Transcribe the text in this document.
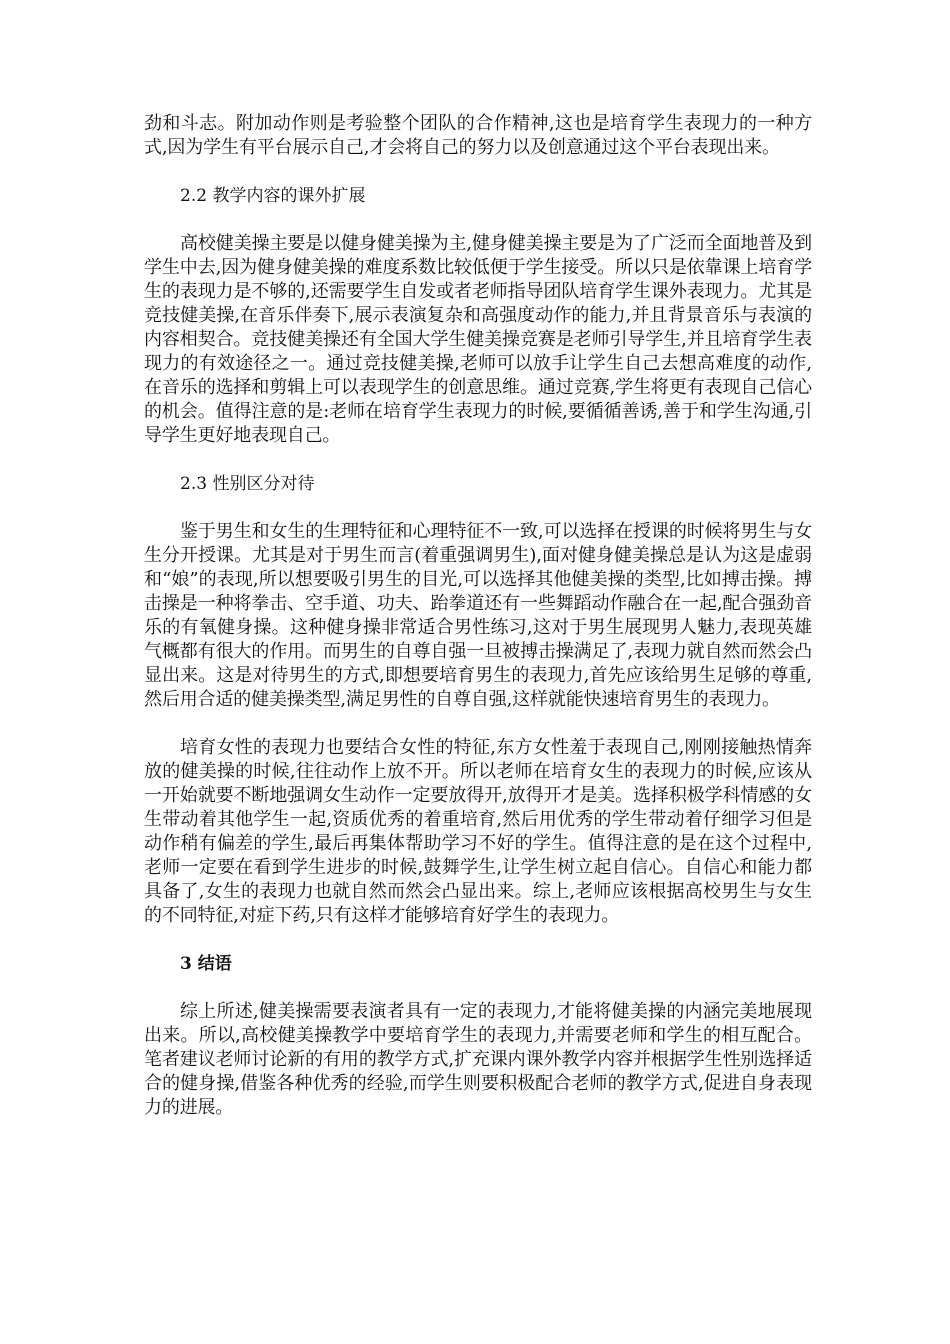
劲和斗志。附加动作则是考验整个团队的合作精神,这也是培育学生表现力的一种方式,因为学生有平台展示自己,才会将自己的努力以及创意通过这个平台表现出来。

2.2 教学内容的课外扩展

高校健美操主要是以健身健美操为主,健身健美操主要是为了广泛而全面地普及到学生中去,因为健身健美操的难度系数比较低便于学生接受。所以只是依靠课上培育学生的表现力是不够的,还需要学生自发或者老师指导团队培育学生课外表现力。尤其是竞技健美操,在音乐伴奏下,展示表演复杂和高强度动作的能力,并且背景音乐与表演的内容相契合。竞技健美操还有全国大学生健美操竞赛是老师引导学生,并且培育学生表现力的有效途径之一。通过竞技健美操,老师可以放手让学生自己去想高难度的动作,在音乐的选择和剪辑上可以表现学生的创意思维。通过竞赛,学生将更有表现自己信心的机会。值得注意的是:老师在培育学生表现力的时候,要循循善诱,善于和学生沟通,引导学生更好地表现自己。

2.3 性别区分对待

鉴于男生和女生的生理特征和心理特征不一致,可以选择在授课的时候将男生与女生分开授课。尤其是对于男生而言(着重强调男生),面对健身健美操总是认为这是虚弱和“娘”的表现,所以想要吸引男生的目光,可以选择其他健美操的类型,比如搏击操。搏击操是一种将拳击、空手道、功夫、跆拳道还有一些舞蹈动作融合在一起,配合强劲音乐的有氧健身操。这种健身操非常适合男性练习,这对于男生展现男人魅力,表现英雄气概都有很大的作用。而男生的自尊自强一旦被搏击操满足了,表现力就自然而然会凸显出来。这是对待男生的方式,即想要培育男生的表现力,首先应该给男生足够的尊重,然后用合适的健美操类型,满足男性的自尊自强,这样就能快速培育男生的表现力。

培育女性的表现力也要结合女性的特征,东方女性羞于表现自己,刚刚接触热情奔放的健美操的时候,往往动作上放不开。所以老师在培育女生的表现力的时候,应该从一开始就要不断地强调女生动作一定要放得开,放得开才是美。选择积极学科情感的女生带动着其他学生一起,资质优秀的着重培育,然后用优秀的学生带动着仔细学习但是动作稍有偏差的学生,最后再集体帮助学习不好的学生。值得注意的是在这个过程中,老师一定要在看到学生进步的时候,鼓舞学生,让学生树立起自信心。自信心和能力都具备了,女生的表现力也就自然而然会凸显出来。综上,老师应该根据高校男生与女生的不同特征,对症下药,只有这样才能够培育好学生的表现力。

3 结语

综上所述,健美操需要表演者具有一定的表现力,才能将健美操的内涵完美地展现出来。所以,高校健美操教学中要培育学生的表现力,并需要老师和学生的相互配合。笔者建议老师讨论新的有用的教学方式,扩充课内课外教学内容并根据学生性别选择适合的健身操,借鉴各种优秀的经验,而学生则要积极配合老师的教学方式,促进自身表现力的进展。
